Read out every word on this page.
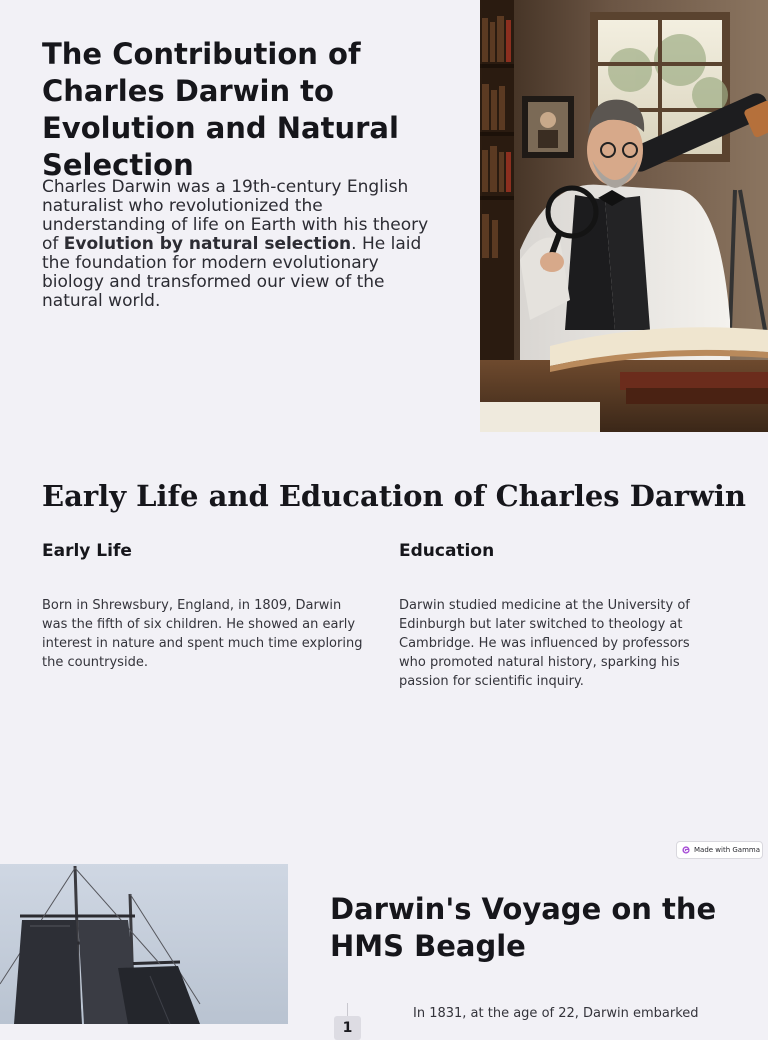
The Contribution of Charles Darwin to Evolution and Natural Selection

Charles Darwin was a 19th-century English naturalist who revolutionized the understanding of life on Earth with his theory of Evolution by natural selection. He laid the foundation for modern evolutionary biology and transformed our view of the natural world.

Early Life and Education of Charles Darwin
Early Life

Born in Shrewsbury, England, in 1809, Darwin was the fifth of six children. He showed an early interest in nature and spent much time exploring the countryside.

Education

Darwin studied medicine at the University of Edinburgh but later switched to theology at Cambridge. He was influenced by professors who promoted natural history, sparking his passion for scientific inquiry.

Made with Gamma
Darwin's Voyage on the HMS Beagle
1

In 1831, at the age of 22, Darwin embarked
